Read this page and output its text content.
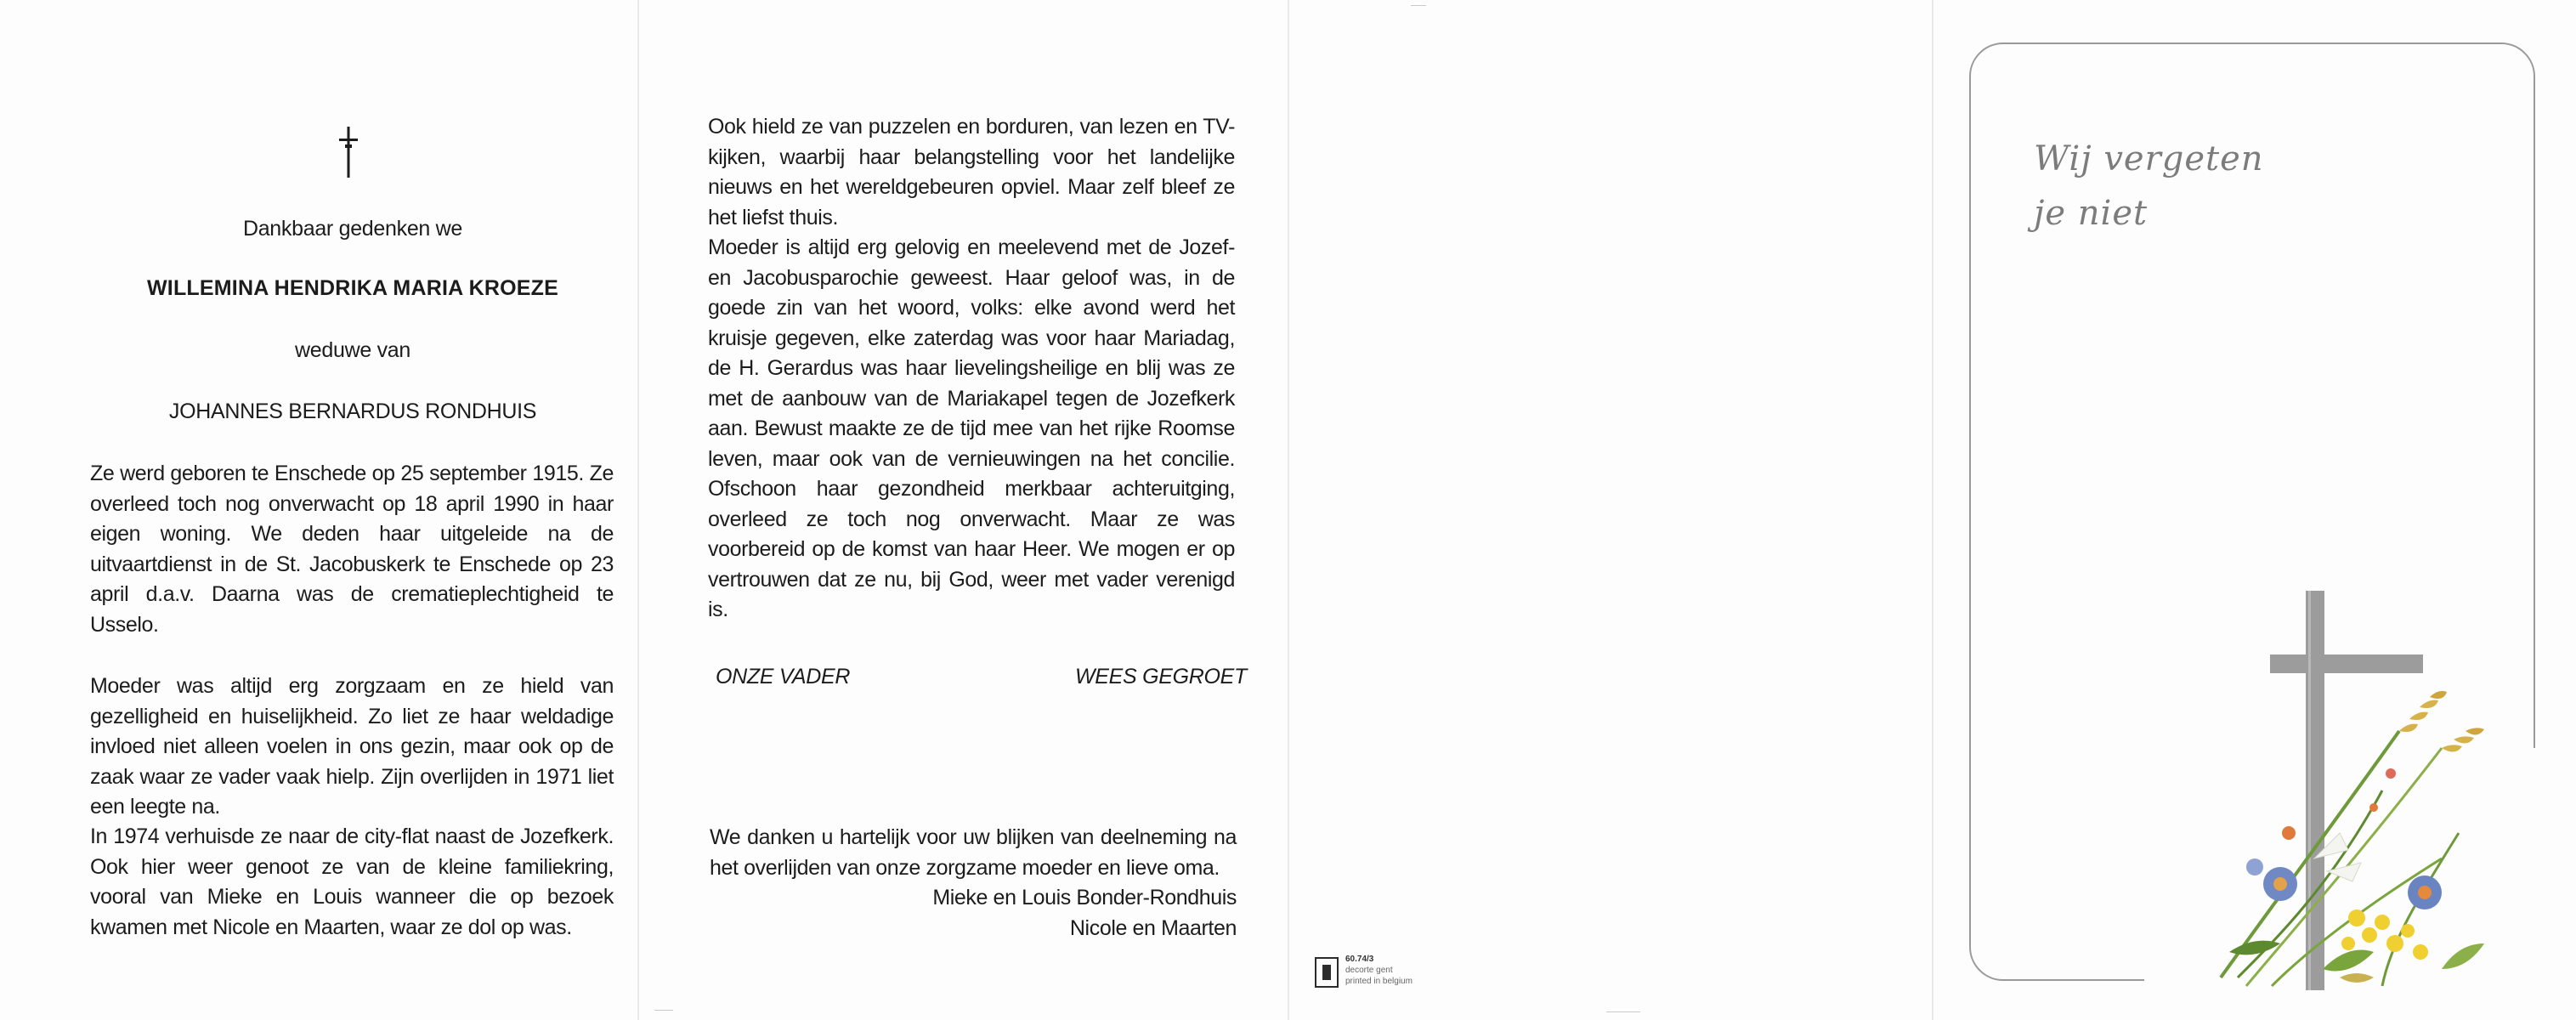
Dankbaar gedenken we
WILLEMINA HENDRIKA MARIA KROEZE
weduwe van
JOHANNES BERNARDUS RONDHUIS

Ze werd geboren te Enschede op 25 september 1915. Ze overleed toch nog onverwacht op 18 april 1990 in haar eigen woning. We deden haar uitgeleide na de uitvaartdienst in de St. Jacobuskerk te Enschede op 23 april d.a.v. Daarna was de crematieplechtigheid te Usselo.

Moeder was altijd erg zorgzaam en ze hield van gezelligheid en huiselijkheid. Zo liet ze haar weldadige invloed niet alleen voelen in ons gezin, maar ook op de zaak waar ze vader vaak hielp. Zijn overlijden in 1971 liet een leegte na.

In 1974 verhuisde ze naar de city-flat naast de Jozefkerk. Ook hier weer genoot ze van de kleine familiekring, vooral van Mieke en Louis wanneer die op bezoek kwamen met Nicole en Maarten, waar ze dol op was.

Ook hield ze van puzzelen en borduren, van lezen en TV-kijken, waarbij haar belangstelling voor het landelijke nieuws en het wereldgebeuren opviel. Maar zelf bleef ze het liefst thuis.

Moeder is altijd erg gelovig en meelevend met de Jozef- en Jacobusparochie geweest. Haar geloof was, in de goede zin van het woord, volks: elke avond werd het kruisje gegeven, elke zaterdag was voor haar Mariadag, de H. Gerardus was haar lievelingsheilige en blij was ze met de aanbouw van de Mariakapel tegen de Jozefkerk aan. Bewust maakte ze de tijd mee van het rijke Roomse leven, maar ook van de vernieuwingen na het concilie. Ofschoon haar gezondheid merkbaar achteruitging, overleed ze toch nog onverwacht. Maar ze was voorbereid op de komst van haar Heer. We mogen er op vertrouwen dat ze nu, bij God, weer met vader verenigd is.

ONZE VADER	WEES GEGROET
We danken u hartelijk voor uw blijken van deelneming na het overlijden van onze zorgzame moeder en lieve oma.
Mieke en Louis Bonder-Rondhuis
Nicole en Maarten
60.74/3
decorte gent
printed in belgium
Wij vergeten
je niet
